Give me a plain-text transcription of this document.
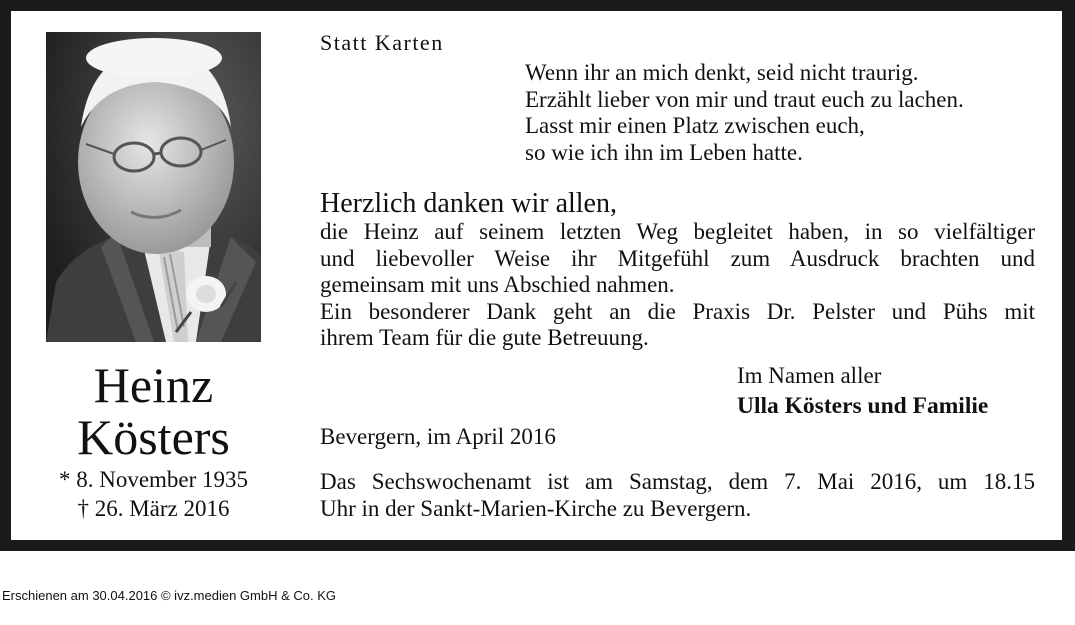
Heinz
Kösters
* 8. November 1935
† 26. März 2016
Statt Karten
Wenn ihr an mich denkt, seid nicht traurig.
Erzählt lieber von mir und traut euch zu lachen.
Lasst mir einen Platz zwischen euch,
so wie ich ihn im Leben hatte.
Herzlich danken wir allen,
die Heinz auf seinem letzten Weg begleitet haben, in so vielfältiger
und liebevoller Weise ihr Mitgefühl zum Ausdruck brachten und
gemeinsam mit uns Abschied nahmen.
Ein besonderer Dank geht an die Praxis Dr. Pelster und Pühs mit
ihrem Team für die gute Betreuung.
Im Namen aller
Ulla Kösters und Familie
Bevergern, im April 2016
Das Sechswochenamt ist am Samstag, dem 7. Mai 2016, um 18.15
Uhr in der Sankt-Marien-Kirche zu Bevergern.
Erschienen am 30.04.2016 © ivz.medien GmbH & Co. KG
